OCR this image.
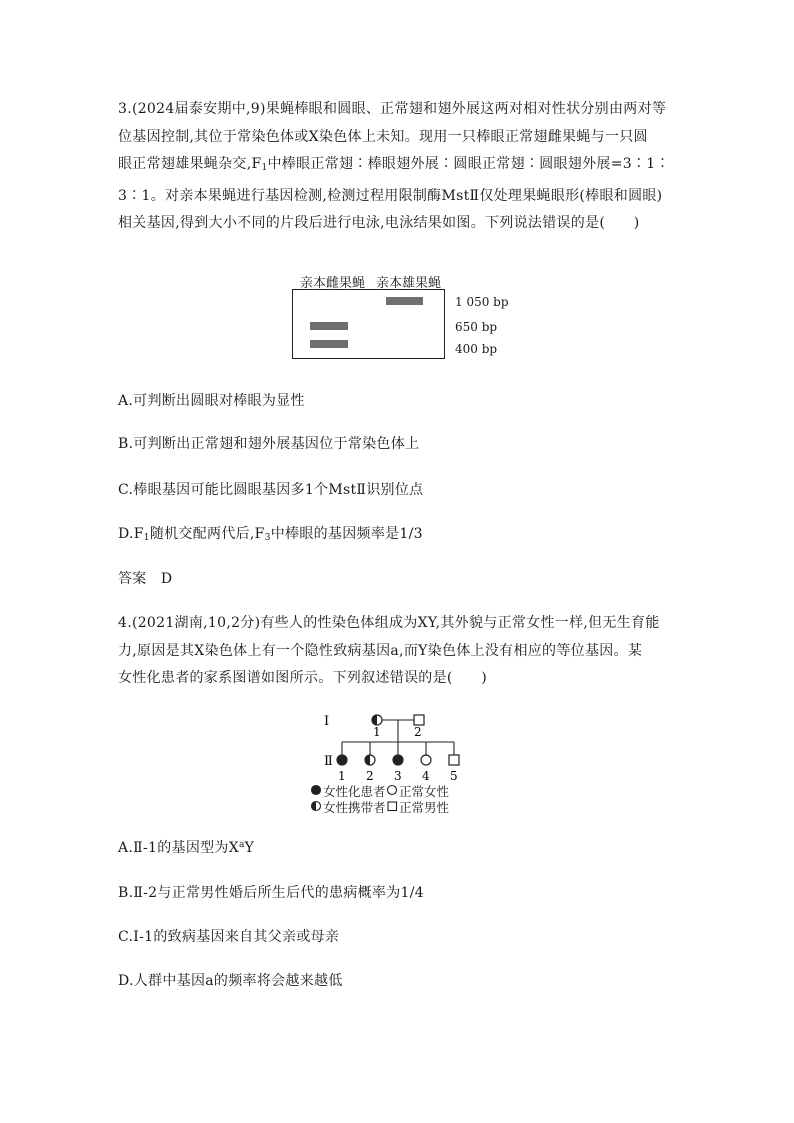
3.(2024届泰安期中,9)果蝇棒眼和圆眼、正常翅和翅外展这两对相对性状分别由两对等
位基因控制,其位于常染色体或X染色体上未知。现用一只棒眼正常翅雌果蝇与一只圆
眼正常翅雄果蝇杂交$,F_1$中棒眼正常翅∶棒眼翅外展∶圆眼正常翅∶圆眼翅外展=3∶1∶
3∶1。对亲本果蝇进行基因检测,检测过程用限制酶MstⅡ仅处理果蝇眼形(棒眼和圆眼)
相关基因,得到大小不同的片段后进行电泳,电泳结果如图。下列说法错误的是(　　)
亲本雌果蝇 亲本雄果蝇
1 050 bp
650 bp
400 bp
A.可判断出圆眼对棒眼为显性
B.可判断出正常翅和翅外展基因位于常染色体上
C.棒眼基因可能比圆眼基因多1个MstⅡ识别位点
$D.F_1$随机交配两代后$,F_3$中棒眼的基因频率是1/3
答案　D
4.(2021湖南,10,2分)有些人的性染色体组成为XY,其外貌与正常女性一样,但无生育能
力,原因是其X染色体上有一个隐性致病基因a,而Y染色体上没有相应的等位基因。某
女性化患者的家系图谱如图所示。下列叙述错误的是(　　)
Ⅰ
1	2
Ⅱ
1 2 3 4 5
女性化患者 正常女性
女性携带者 正常男性
A.Ⅱ-1的基因型为$X^aY$
B.Ⅱ-2与正常男性婚后所生后代的患病概率为1/4
C.Ⅰ-1的致病基因来自其父亲或母亲
D.人群中基因a的频率将会越来越低
